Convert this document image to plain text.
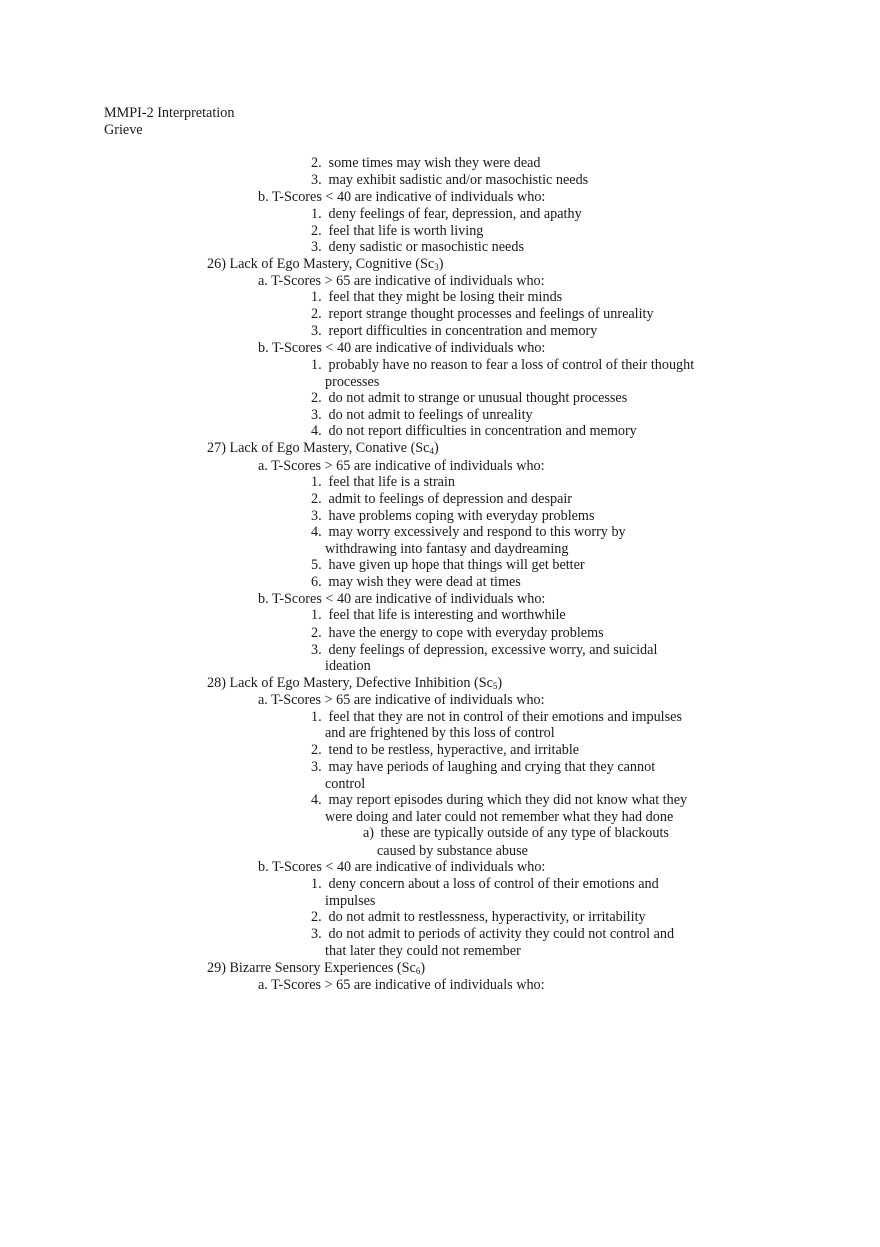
MMPI-2 Interpretation
Grieve
2. some times may wish they were dead
3. may exhibit sadistic and/or masochistic needs
b. T-Scores < 40 are indicative of individuals who:
1. deny feelings of fear, depression, and apathy
2. feel that life is worth living
3. deny sadistic or masochistic needs
26) Lack of Ego Mastery, Cognitive $(Sc_3)$
a. T-Scores > 65 are indicative of individuals who:
1. feel that they might be losing their minds
2. report strange thought processes and feelings of unreality
3. report difficulties in concentration and memory
b. T-Scores < 40 are indicative of individuals who:
1. probably have no reason to fear a loss of control of their thought
processes
2. do not admit to strange or unusual thought processes
3. do not admit to feelings of unreality
4. do not report difficulties in concentration and memory
27) Lack of Ego Mastery, Conative $(Sc_4)$
a. T-Scores > 65 are indicative of individuals who:
1. feel that life is a strain
2. admit to feelings of depression and despair
3. have problems coping with everyday problems
4. may worry excessively and respond to this worry by
withdrawing into fantasy and daydreaming
5. have given up hope that things will get better
6. may wish they were dead at times
b. T-Scores < 40 are indicative of individuals who:
1. feel that life is interesting and worthwhile
2. have the energy to cope with everyday problems
3. deny feelings of depression, excessive worry, and suicidal
ideation
28) Lack of Ego Mastery, Defective Inhibition $(Sc_5)$
a. T-Scores > 65 are indicative of individuals who:
1. feel that they are not in control of their emotions and impulses
and are frightened by this loss of control
2. tend to be restless, hyperactive, and irritable
3. may have periods of laughing and crying that they cannot
control
4. may report episodes during which they did not know what they
were doing and later could not remember what they had done
a) these are typically outside of any type of blackouts
caused by substance abuse
b. T-Scores < 40 are indicative of individuals who:
1. deny concern about a loss of control of their emotions and
impulses
2. do not admit to restlessness, hyperactivity, or irritability
3. do not admit to periods of activity they could not control and
that later they could not remember
29) Bizarre Sensory Experiences $(Sc_6)$
a. T-Scores > 65 are indicative of individuals who:
